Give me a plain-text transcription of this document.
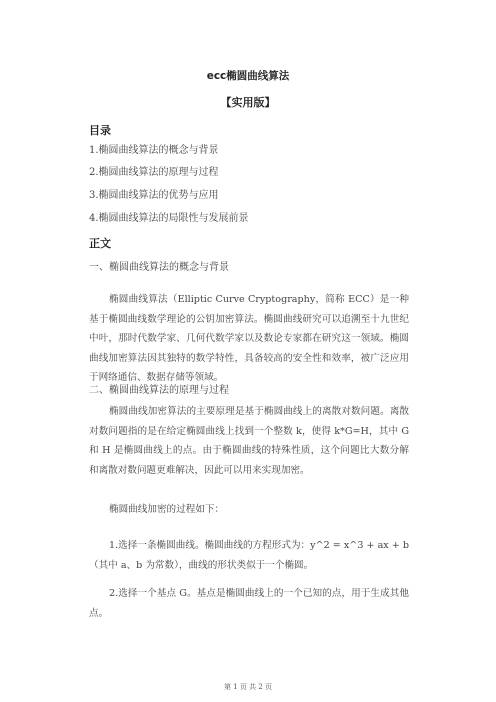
ecc椭圆曲线算法
【实用版】
目录
1.椭圆曲线算法的概念与背景
2.椭圆曲线算法的原理与过程
3.椭圆曲线算法的优势与应用
4.椭圆曲线算法的局限性与发展前景
正文
一、椭圆曲线算法的概念与背景

椭圆曲线算法（Elliptic Curve Cryptography，简称 ECC）是一种基于椭圆曲线数学理论的公钥加密算法。椭圆曲线研究可以追溯至十九世纪中叶，那时代数学家、几何代数学家以及数论专家都在研究这一领域。椭圆曲线加密算法因其独特的数学特性，具备较高的安全性和效率，被广泛应用于网络通信、数据存储等领域。

二、椭圆曲线算法的原理与过程

椭圆曲线加密算法的主要原理是基于椭圆曲线上的离散对数问题。离散对数问题指的是在给定椭圆曲线上找到一个整数 k，使得 k*G=H，其中 G 和 H 是椭圆曲线上的点。由于椭圆曲线的特殊性质，这个问题比大数分解和离散对数问题更难解决，因此可以用来实现加密。

椭圆曲线加密的过程如下：

1.选择一条椭圆曲线。椭圆曲线的方程形式为：y^2 = x^3 + ax + b（其中 a、b 为常数），曲线的形状类似于一个椭圆。

2.选择一个基点 G。基点是椭圆曲线上的一个已知的点，用于生成其他点。

第 1 页 共 2 页
